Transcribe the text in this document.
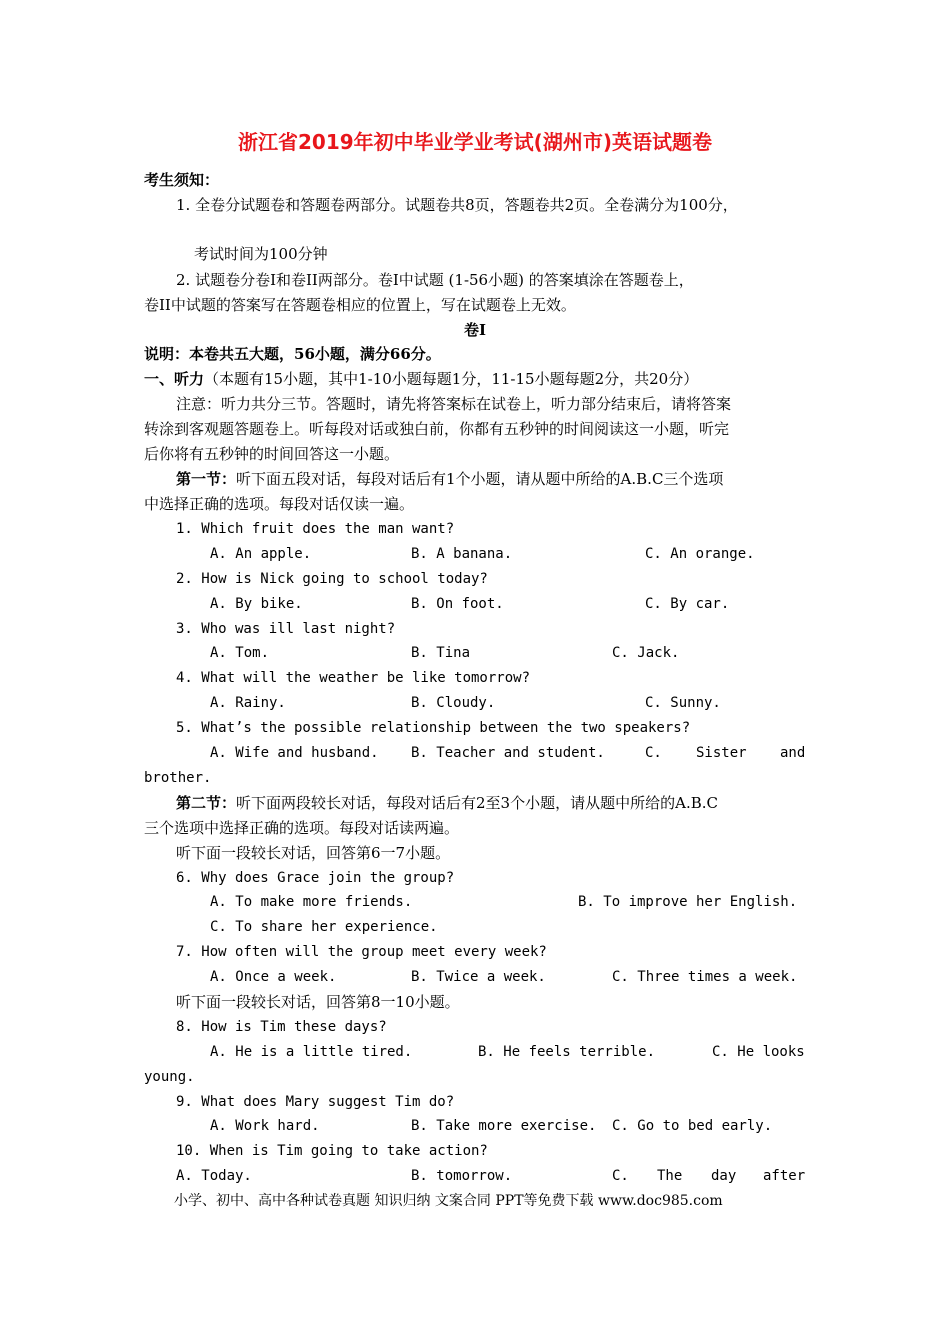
浙江省2019年初中毕业学业考试(湖州市)英语试题卷
考生须知：
1. 全卷分试题卷和答题卷两部分。试题卷共8页，答题卷共2页。全卷满分为100分，
考试时间为100分钟
2. 试题卷分卷I和卷II两部分。卷I中试题 (1-56小题) 的答案填涂在答题卷上，
卷II中试题的答案写在答题卷相应的位置上，写在试题卷上无效。
卷I
说明：本卷共五大题，56小题，满分66分。
一、听力（本题有15小题，其中1-10小题每题1分，11-15小题每题2分，共20分）
注意：听力共分三节。答题时，请先将答案标在试卷上，听力部分结束后，请将答案
转涂到客观题答题卷上。听每段对话或独白前，你都有五秒钟的时间阅读这一小题，听完
后你将有五秒钟的时间回答这一小题。
第一节：听下面五段对话，每段对话后有1个小题，请从题中所给的A.B.C三个选项
中选择正确的选项。每段对话仅读一遍。
1. Which fruit does the man want?
A. An apple.	B. A banana.	C. An orange.
2. How is Nick going to school today?
A. By bike.	B. On foot.	C. By car.
3. Who was ill last night?
A. Tom.	B. Tina	C. Jack.
4. What will the weather be like tomorrow?
A. Rainy.	B. Cloudy.	C. Sunny.
5. What’s the possible relationship between the two speakers?
A. Wife and husband. B. Teacher and student.	C. Sister and
brother.
第二节：听下面两段较长对话，每段对话后有2至3个小题，请从题中所给的A.B.C
三个选项中选择正确的选项。每段对话读两遍。
听下面一段较长对话，回答第6一7小题。
6. Why does Grace join the group?
A. To make more friends.	B. To improve her English.
C. To share her experience.
7. How often will the group meet every week?
A. Once a week.	B. Twice a week.	C. Three times a week.
听下面一段较长对话，回答第8一10小题。
8. How is Tim these days?
A. He is a little tired.	B. He feels terrible.	C. He looks
young.
9. What does Mary suggest Tim do?
A. Work hard.	B. Take more exercise. C. Go to bed early.
10. When is Tim going to take action?
A. Today.	B. tomorrow.	C. The day after
小学、初中、高中各种试卷真题 知识归纳 文案合同 PPT等免费下载 www.doc985.com
